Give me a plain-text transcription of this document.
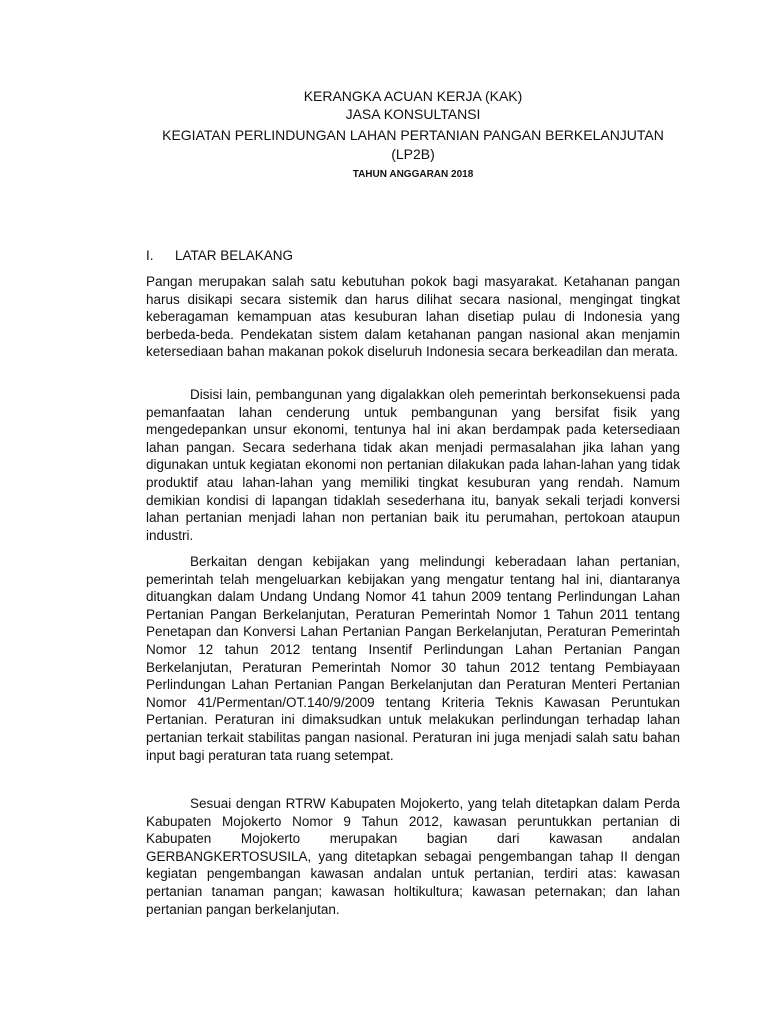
KERANGKA ACUAN KERJA (KAK)
JASA KONSULTANSI
KEGIATAN PERLINDUNGAN LAHAN PERTANIAN PANGAN BERKELANJUTAN
(LP2B)
TAHUN ANGGARAN 2018
I. LATAR BELAKANG

Pangan merupakan salah satu kebutuhan pokok bagi masyarakat. Ketahanan pangan harus disikapi secara sistemik dan harus dilihat secara nasional, mengingat tingkat keberagaman kemampuan atas kesuburan lahan disetiap pulau di Indonesia yang berbeda-beda. Pendekatan sistem dalam ketahanan pangan nasional akan menjamin ketersediaan bahan makanan pokok diseluruh Indonesia secara berkeadilan dan merata.

Disisi lain, pembangunan yang digalakkan oleh pemerintah berkonsekuensi pada pemanfaatan lahan cenderung untuk pembangunan yang bersifat fisik yang mengedepankan unsur ekonomi, tentunya hal ini akan berdampak pada ketersediaan lahan pangan. Secara sederhana tidak akan menjadi permasalahan jika lahan yang digunakan untuk kegiatan ekonomi non pertanian dilakukan pada lahan-lahan yang tidak produktif atau lahan-lahan yang memiliki tingkat kesuburan yang rendah. Namum demikian kondisi di lapangan tidaklah sesederhana itu, banyak sekali terjadi konversi lahan pertanian menjadi lahan non pertanian baik itu perumahan, pertokoan ataupun industri.

Berkaitan dengan kebijakan yang melindungi keberadaan lahan pertanian, pemerintah telah mengeluarkan kebijakan yang mengatur tentang hal ini, diantaranya dituangkan dalam Undang Undang Nomor 41 tahun 2009 tentang Perlindungan Lahan Pertanian Pangan Berkelanjutan, Peraturan Pemerintah Nomor 1 Tahun 2011 tentang Penetapan dan Konversi Lahan Pertanian Pangan Berkelanjutan, Peraturan Pemerintah Nomor 12 tahun 2012 tentang Insentif Perlindungan Lahan Pertanian Pangan Berkelanjutan, Peraturan Pemerintah Nomor 30 tahun 2012 tentang Pembiayaan Perlindungan Lahan Pertanian Pangan Berkelanjutan dan Peraturan Menteri Pertanian Nomor 41/Permentan/OT.140/9/2009 tentang Kriteria Teknis Kawasan Peruntukan Pertanian. Peraturan ini dimaksudkan untuk melakukan perlindungan terhadap lahan pertanian terkait stabilitas pangan nasional. Peraturan ini juga menjadi salah satu bahan input bagi peraturan tata ruang setempat.

Sesuai dengan RTRW Kabupaten Mojokerto, yang telah ditetapkan dalam Perda Kabupaten Mojokerto Nomor 9 Tahun 2012, kawasan peruntukkan pertanian di Kabupaten Mojokerto merupakan bagian dari kawasan andalan GERBANGKERTOSUSILA, yang ditetapkan sebagai pengembangan tahap II dengan kegiatan pengembangan kawasan andalan untuk pertanian, terdiri atas: kawasan pertanian tanaman pangan; kawasan holtikultura; kawasan peternakan; dan lahan pertanian pangan berkelanjutan.
